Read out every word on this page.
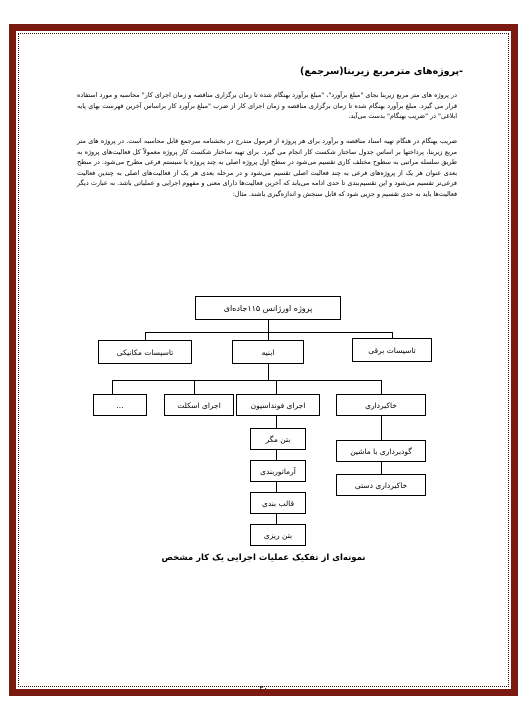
-پروژه‌های مترمربع زیربنا(سرجمع)

در پروژه های متر مربع زیربنا بجای "مبلغ برآورد"، "مبلغ برآورد بهنگام شده تا زمان برگزاری مناقصه و زمان اجرای کار" محاسبه و مورد استفاده قرار می گیرد. مبلغ برآورد بهنگام شده تا زمان برگزاری مناقصه و زمان اجرای کار از ضرب "مبلغ برآورد کار براساس آخرین فهرست بهای پایه ابلاغی" در "ضریب بهنگام" بدست می‌آید.

ضریب بهنگام در هنگام تهیه اسناد مناقصه و برآورد برای هر پروژه از فرمول مندرج در بخشنامه سرجمع قابل محاسبه است. در پروژه های متر مربع زیربنا، پرداختها بر اساس جدول ساختار شکست کار انجام می گیرد. برای تهیه ساختار شکست کار پروژه معمولاً کل فعالیت‌های پروژه به طریق سلسله مراتبی به سطوح مختلف کاری تقسیم می‌شود در سطح اول پروژه اصلی به چند پروژه یا سیستم فرعی مطرح می‌شود. در سطح بعدی عنوان هر یک از پروژه‌های فرعی به چند فعالیت اصلی تقسیم می‌شود و در مرحله بعدی هر یک از فعالیت‌های اصلی به چندین فعالیت فرعی‌تر تقسیم می‌شود و این تقسیم‌بندی تا حدی ادامه می‌یابد که آخرین فعالیت‌ها دارای معنی و مفهوم اجرایی و عملیاتی باشد. به عبارت دیگر فعالیت‌ها باید به حدی تقسیم و جزیی شود که قابل سنجش و اندازه‌گیری باشند. مثال:

پروژه اورژانس ۱۱۵جاده‌ای
تاسیسات مکانیکی	ابنیه	تاسیسات برقی
...	اجرای اسکلت	اجرای فونداسیون	خاکبرداری
بتن مگر
آرماتوربندی
قالب بندی
بتن ریزی
گودبرداری با ماشین
خاکبرداری دستی

نمونه‌ای از تفکیک عملیات اجرایی یک کار مشخص

۳۰
